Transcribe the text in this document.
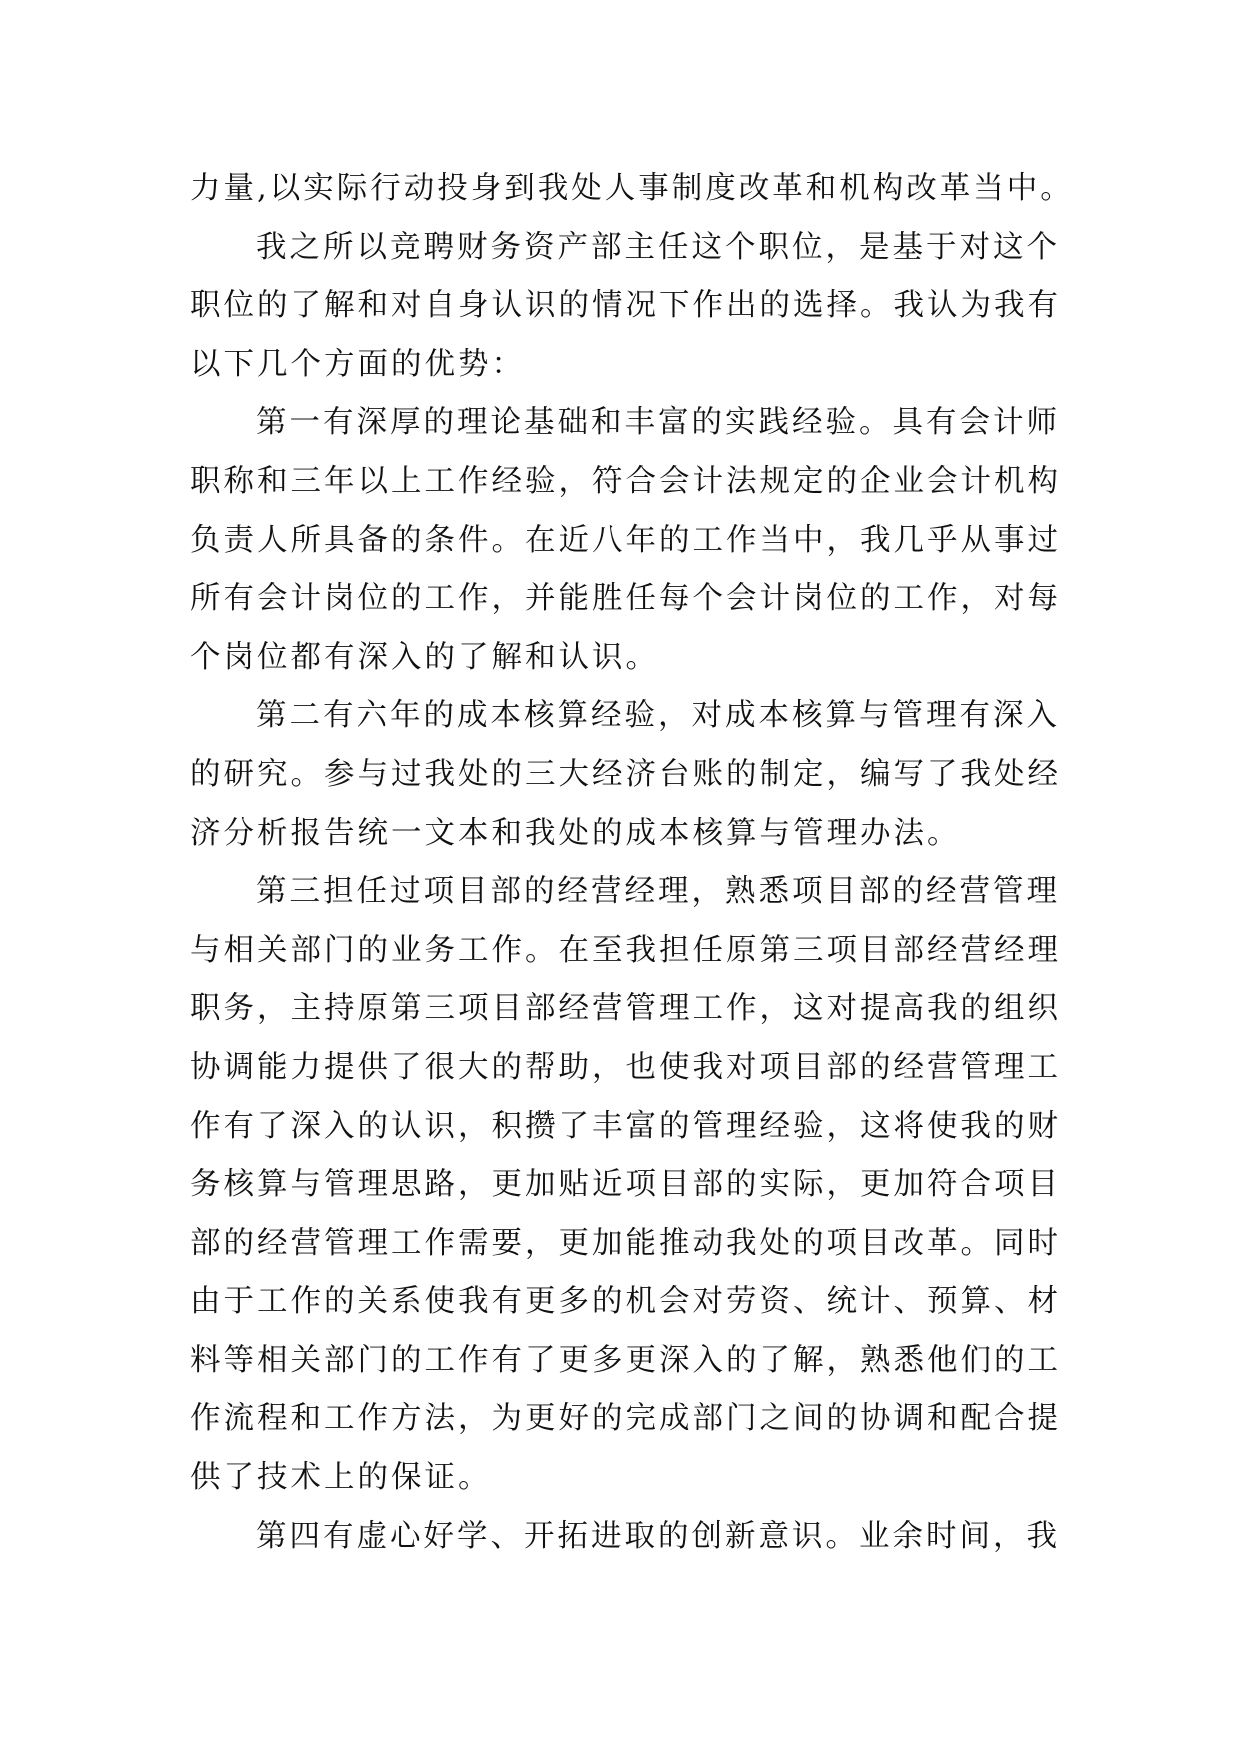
力量,以实际行动投身到我处人事制度改革和机构改革当中。
我之所以竞聘财务资产部主任这个职位，是基于对这个
职位的了解和对自身认识的情况下作出的选择。我认为我有
以下几个方面的优势：
第一有深厚的理论基础和丰富的实践经验。具有会计师
职称和三年以上工作经验，符合会计法规定的企业会计机构
负责人所具备的条件。在近八年的工作当中，我几乎从事过
所有会计岗位的工作，并能胜任每个会计岗位的工作，对每
个岗位都有深入的了解和认识。
第二有六年的成本核算经验，对成本核算与管理有深入
的研究。参与过我处的三大经济台账的制定，编写了我处经
济分析报告统一文本和我处的成本核算与管理办法。
第三担任过项目部的经营经理，熟悉项目部的经营管理
与相关部门的业务工作。在至我担任原第三项目部经营经理
职务，主持原第三项目部经营管理工作，这对提高我的组织
协调能力提供了很大的帮助，也使我对项目部的经营管理工
作有了深入的认识，积攒了丰富的管理经验，这将使我的财
务核算与管理思路，更加贴近项目部的实际，更加符合项目
部的经营管理工作需要，更加能推动我处的项目改革。同时
由于工作的关系使我有更多的机会对劳资、统计、预算、材
料等相关部门的工作有了更多更深入的了解，熟悉他们的工
作流程和工作方法，为更好的完成部门之间的协调和配合提
供了技术上的保证。
第四有虚心好学、开拓进取的创新意识。业余时间，我
